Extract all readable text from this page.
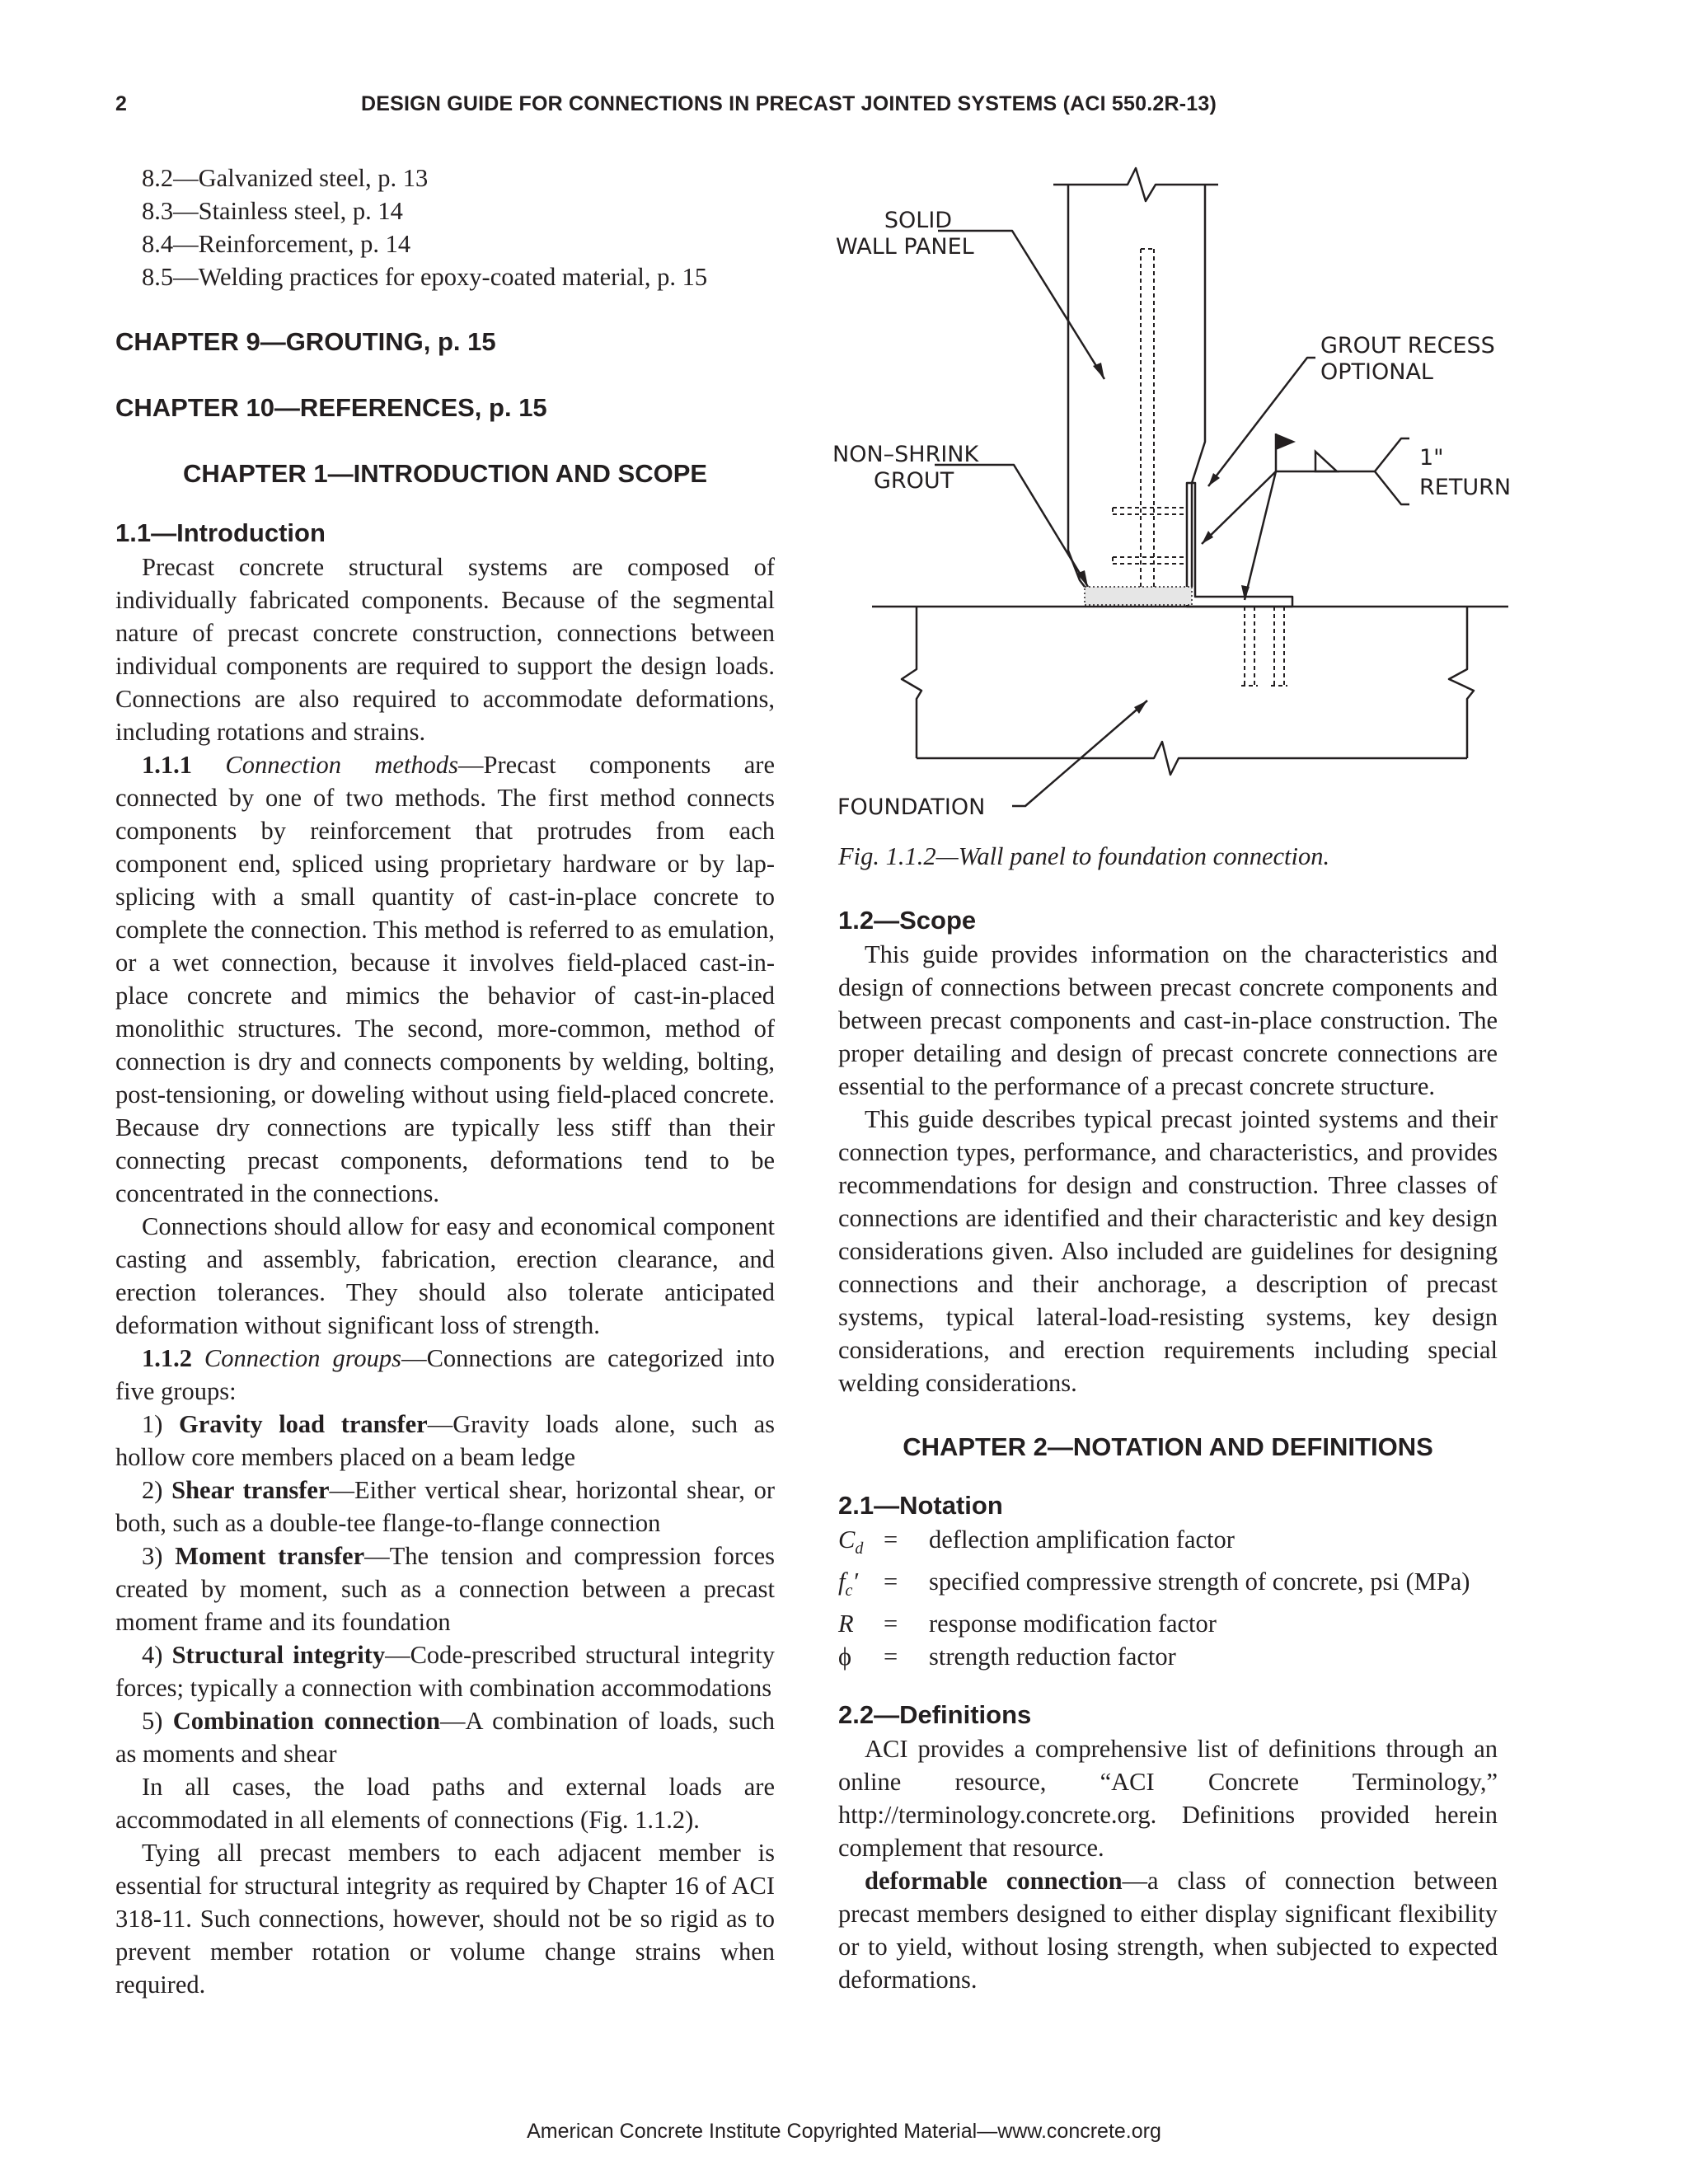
2	DESIGN GUIDE FOR CONNECTIONS IN PRECAST JOINTED SYSTEMS (ACI 550.2R-13)
8.2—Galvanized steel, p. 13
8.3—Stainless steel, p. 14
8.4—Reinforcement, p. 14
8.5—Welding practices for epoxy-coated material, p. 15
CHAPTER 9—GROUTING, p. 15
CHAPTER 10—REFERENCES, p. 15
CHAPTER 1—INTRODUCTION AND SCOPE
1.1—Introduction

Precast concrete structural systems are composed of individually fabricated components. Because of the segmental nature of precast concrete construction, connections between individual components are required to support the design loads. Connections are also required to accommodate deformations, including rotations and strains.

1.1.1 Connection methods—Precast components are connected by one of two methods. The first method connects components by reinforcement that protrudes from each component end, spliced using proprietary hardware or by lap-splicing with a small quantity of cast-in-place concrete to complete the connection. This method is referred to as emulation, or a wet connection, because it involves field-placed cast-in-place concrete and mimics the behavior of cast-in-placed monolithic structures. The second, more-common, method of connection is dry and connects components by welding, bolting, post-tensioning, or doweling without using field-placed concrete. Because dry connections are typically less stiff than their connecting precast components, deformations tend to be concentrated in the connections.

Connections should allow for easy and economical component casting and assembly, fabrication, erection clearance, and erection tolerances. They should also tolerate anticipated deformation without significant loss of strength.

1.1.2 Connection groups—Connections are categorized into five groups:

1) Gravity load transfer—Gravity loads alone, such as hollow core members placed on a beam ledge

2) Shear transfer—Either vertical shear, horizontal shear, or both, such as a double-tee flange-to-flange connection

3) Moment transfer—The tension and compression forces created by moment, such as a connection between a precast moment frame and its foundation

4) Structural integrity—Code-prescribed structural integrity forces; typically a connection with combination accommodations

5) Combination connection—A combination of loads, such as moments and shear

In all cases, the load paths and external loads are accommodated in all elements of connections (Fig. 1.1.2).

Tying all precast members to each adjacent member is essential for structural integrity as required by Chapter 16 of ACI 318-11. Such connections, however, should not be so rigid as to prevent member rotation or volume change strains when required.

SOLID
WALL PANEL
GROUT RECESS
OPTIONAL
NON–SHRINK
GROUT
1"
RETURN
FOUNDATION
Fig. 1.1.2—Wall panel to foundation connection.
1.2—Scope

This guide provides information on the characteristics and design of connections between precast concrete components and between precast components and cast-in-place construction. The proper detailing and design of precast concrete connections are essential to the performance of a precast concrete structure.

This guide describes typical precast jointed systems and their connection types, performance, and characteristics, and provides recommendations for design and construction. Three classes of connections are identified and their characteristic and key design considerations given. Also included are guidelines for designing connections and their anchorage, a description of precast systems, typical lateral-load-resisting systems, key design considerations, and erection requirements including special welding considerations.

CHAPTER 2—NOTATION AND DEFINITIONS
2.1—Notation
$C_d$ =	deflection amplification factor
$f_c'$	=	specified compressive strength of concrete, psi (MPa)
R	=	response modification factor
ϕ	=	strength reduction factor
2.2—Definitions

ACI provides a comprehensive list of definitions through an online resource, “ACI Concrete Terminology,” http://terminology.concrete.org. Definitions provided herein complement that resource.

deformable connection—a class of connection between precast members designed to either display significant flexibility or to yield, without losing strength, when subjected to expected deformations.

American Concrete Institute Copyrighted Material—www.concrete.org
